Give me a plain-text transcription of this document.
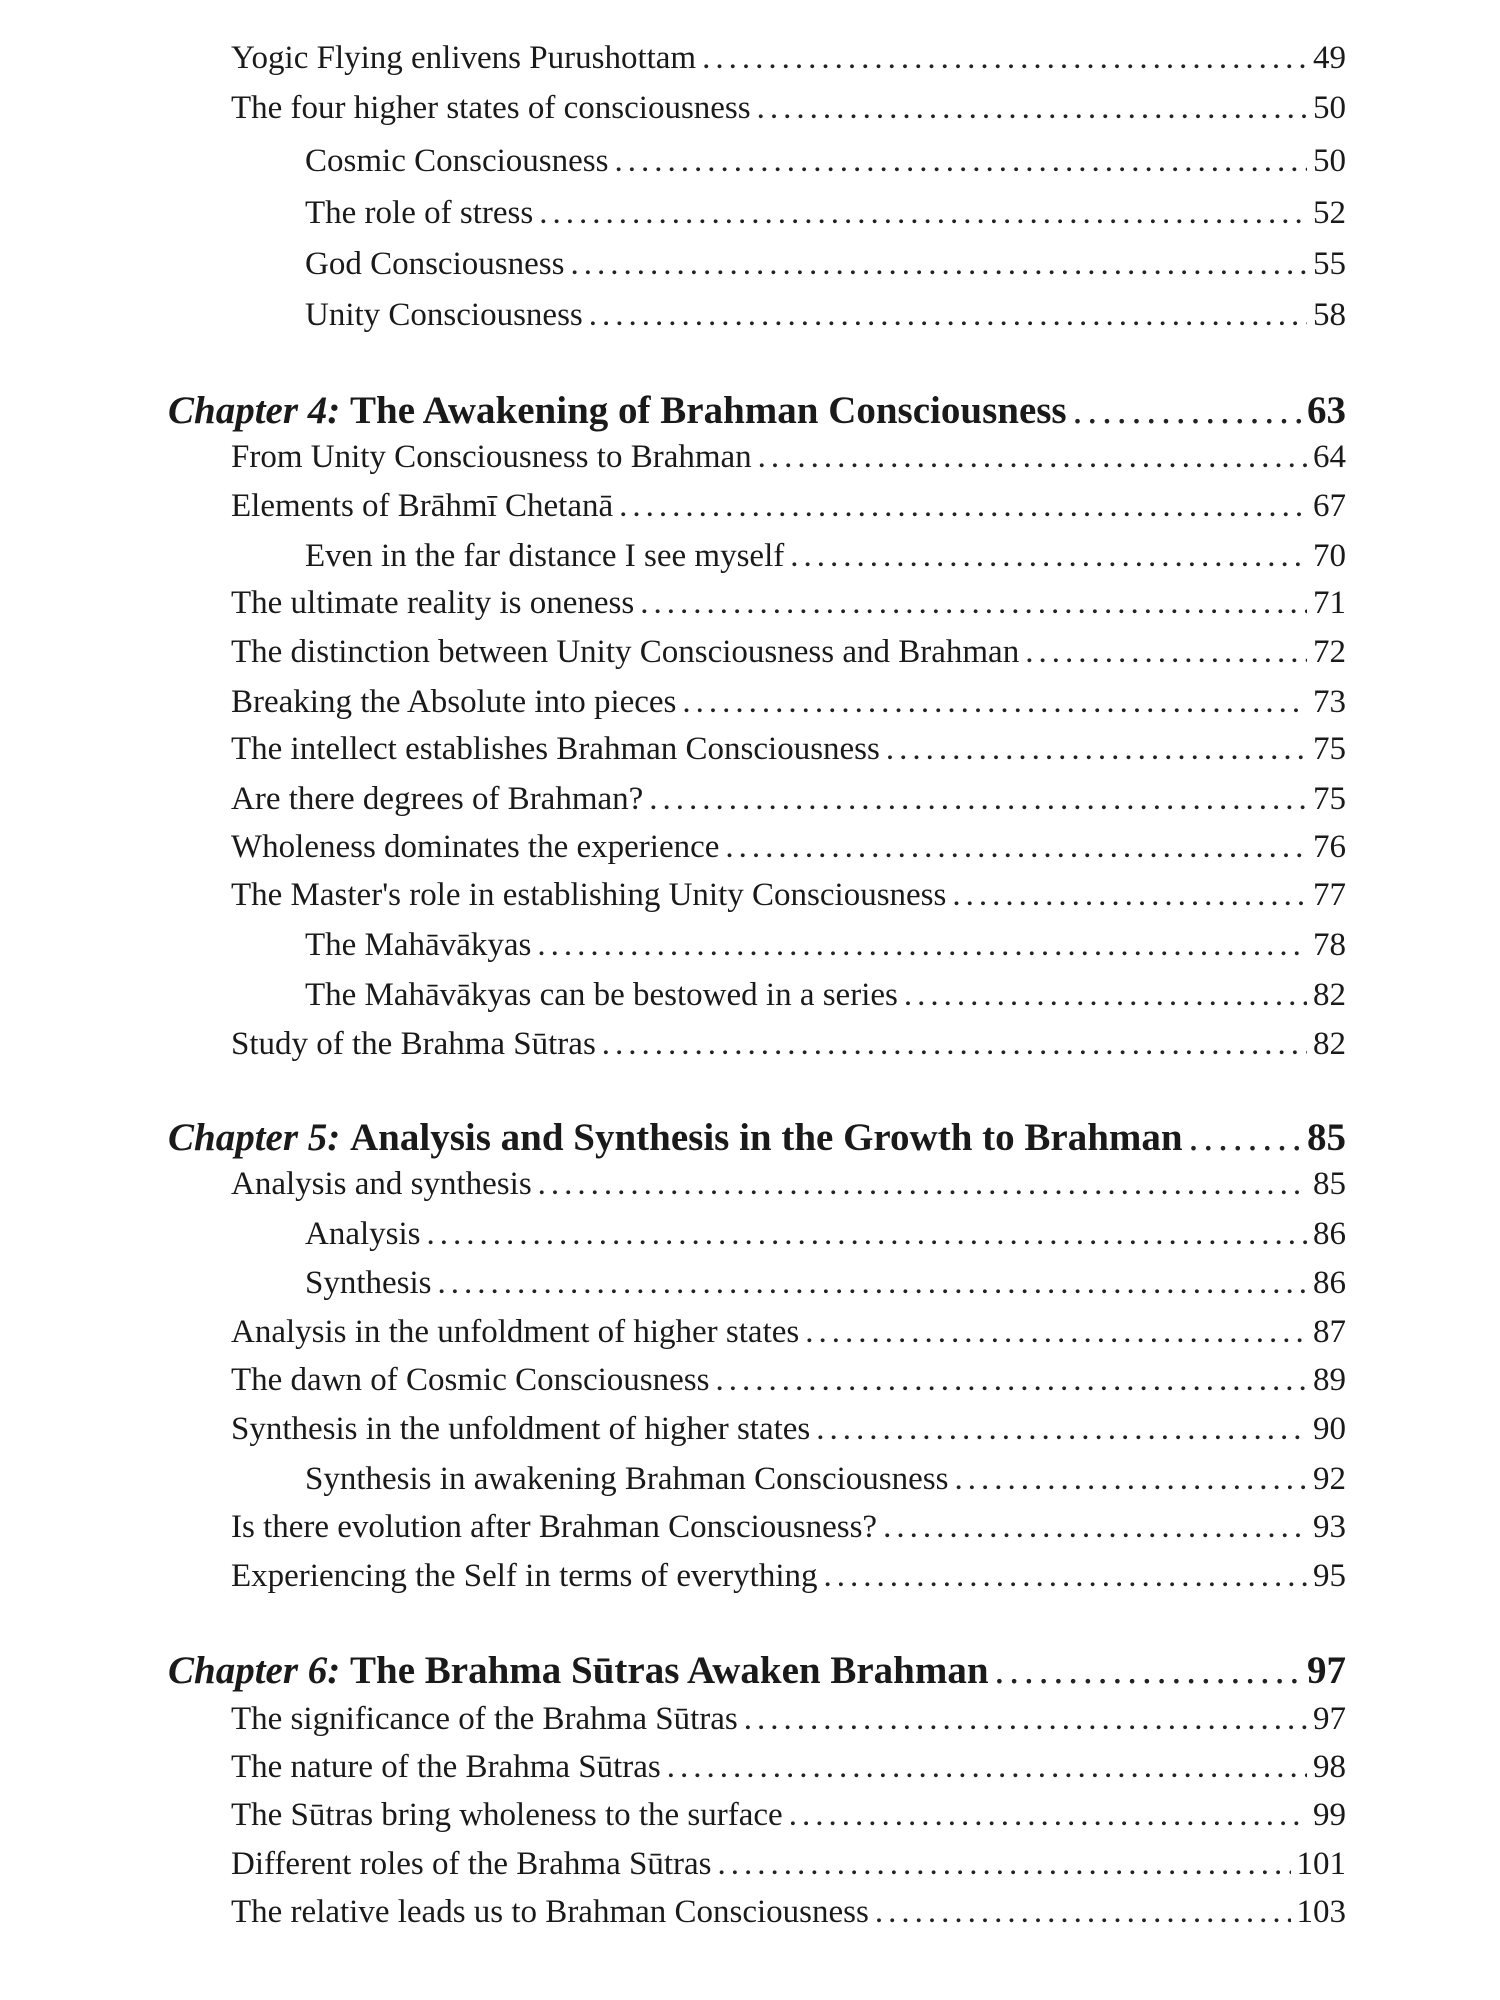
Yogic Flying enlivens Purushottam .....	49
The four higher states of consciousness .....	50
Cosmic Consciousness .....	50
The role of stress .....	52
God Consciousness .....	55
Unity Consciousness .....	58
Chapter 4: The Awakening of Brahman Consciousness .....	63
From Unity Consciousness to Brahman .....	64
Elements of Brāhmī Chetanā .....	67
Even in the far distance I see myself .....	70
The ultimate reality is oneness .....	71
The distinction between Unity Consciousness and Brahman .....	72
Breaking the Absolute into pieces .....	73
The intellect establishes Brahman Consciousness .....	75
Are there degrees of Brahman? .....	75
Wholeness dominates the experience .....	76
The Master's role in establishing Unity Consciousness .....	77
The Mahāvākyas .....	78
The Mahāvākyas can be bestowed in a series .....	82
Study of the Brahma Sūtras .....	82
Chapter 5: Analysis and Synthesis in the Growth to Brahman .....	85
Analysis and synthesis .....	85
Analysis .....	86
Synthesis .....	86
Analysis in the unfoldment of higher states .....	87
The dawn of Cosmic Consciousness .....	89
Synthesis in the unfoldment of higher states .....	90
Synthesis in awakening Brahman Consciousness .....	92
Is there evolution after Brahman Consciousness? .....	93
Experiencing the Self in terms of everything .....	95
Chapter 6: The Brahma Sūtras Awaken Brahman .....	97
The significance of the Brahma Sūtras .....	97
The nature of the Brahma Sūtras .....	98
The Sūtras bring wholeness to the surface .....	99
Different roles of the Brahma Sūtras .....	101
The relative leads us to Brahman Consciousness .....	103
